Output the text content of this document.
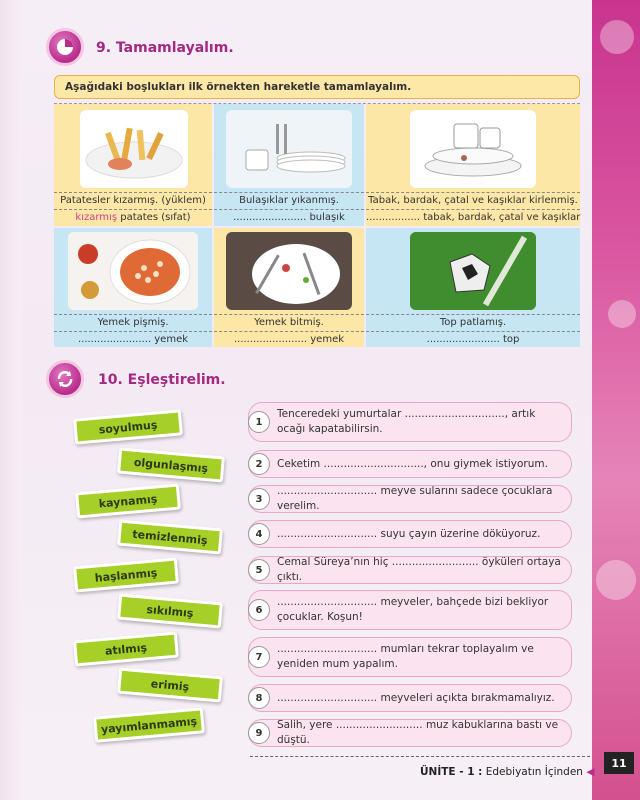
9. Tamamlayalım.
Aşağıdaki boşlukları ilk örnekten hareketle tamamlayalım.
Patatesler kızarmış. (yüklem)
kızarmış patates (sıfat)
Bulaşıklar yıkanmış.
....................... bulaşık
Tabak, bardak, çatal ve kaşıklar kirlenmiş.
................. tabak, bardak, çatal ve kaşıklar
Yemek pişmiş.
....................... yemek
Yemek bitmiş.
....................... yemek
Top patlamış.
....................... top
10. Eşleştirelim.
soyulmuş
olgunlaşmış
kaynamış
temizlenmiş
haşlanmış
sıkılmış
atılmış
erimiş
yayımlanmamış
1
Tenceredeki yumurtalar .............................., artık ocağı kapatabilirsin.
2	Ceketim .............................., onu giymek istiyorum.
3
.............................. meyve sularını sadece çocuklara verelim.
4	.............................. suyu çayın üzerine döküyoruz.
5
Cemal Süreya’nın hiç .......................... öyküleri ortaya çıktı.
6
.............................. meyveler, bahçede bizi bekliyor çocuklar. Koşun!
7
.............................. mumları tekrar toplayalım ve yeniden mum yapalım.
8	.............................. meyveleri açıkta bırakmamalıyız.
9
Salih, yere .......................... muz kabuklarına bastı ve düştü.
ÜNİTE - 1 : Edebiyatın İçinden ◀
11
